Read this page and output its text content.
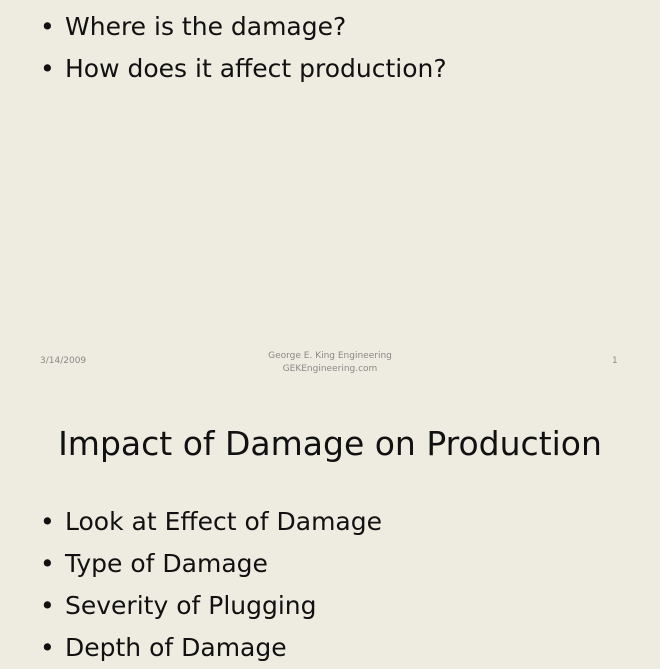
• Where is the damage?
• How does it affect production?
3/14/2009	George E. King Engineering
GEKEngineering.com
1
Impact of Damage on Production
• Look at Effect of Damage
• Type of Damage
• Severity of Plugging
• Depth of Damage
